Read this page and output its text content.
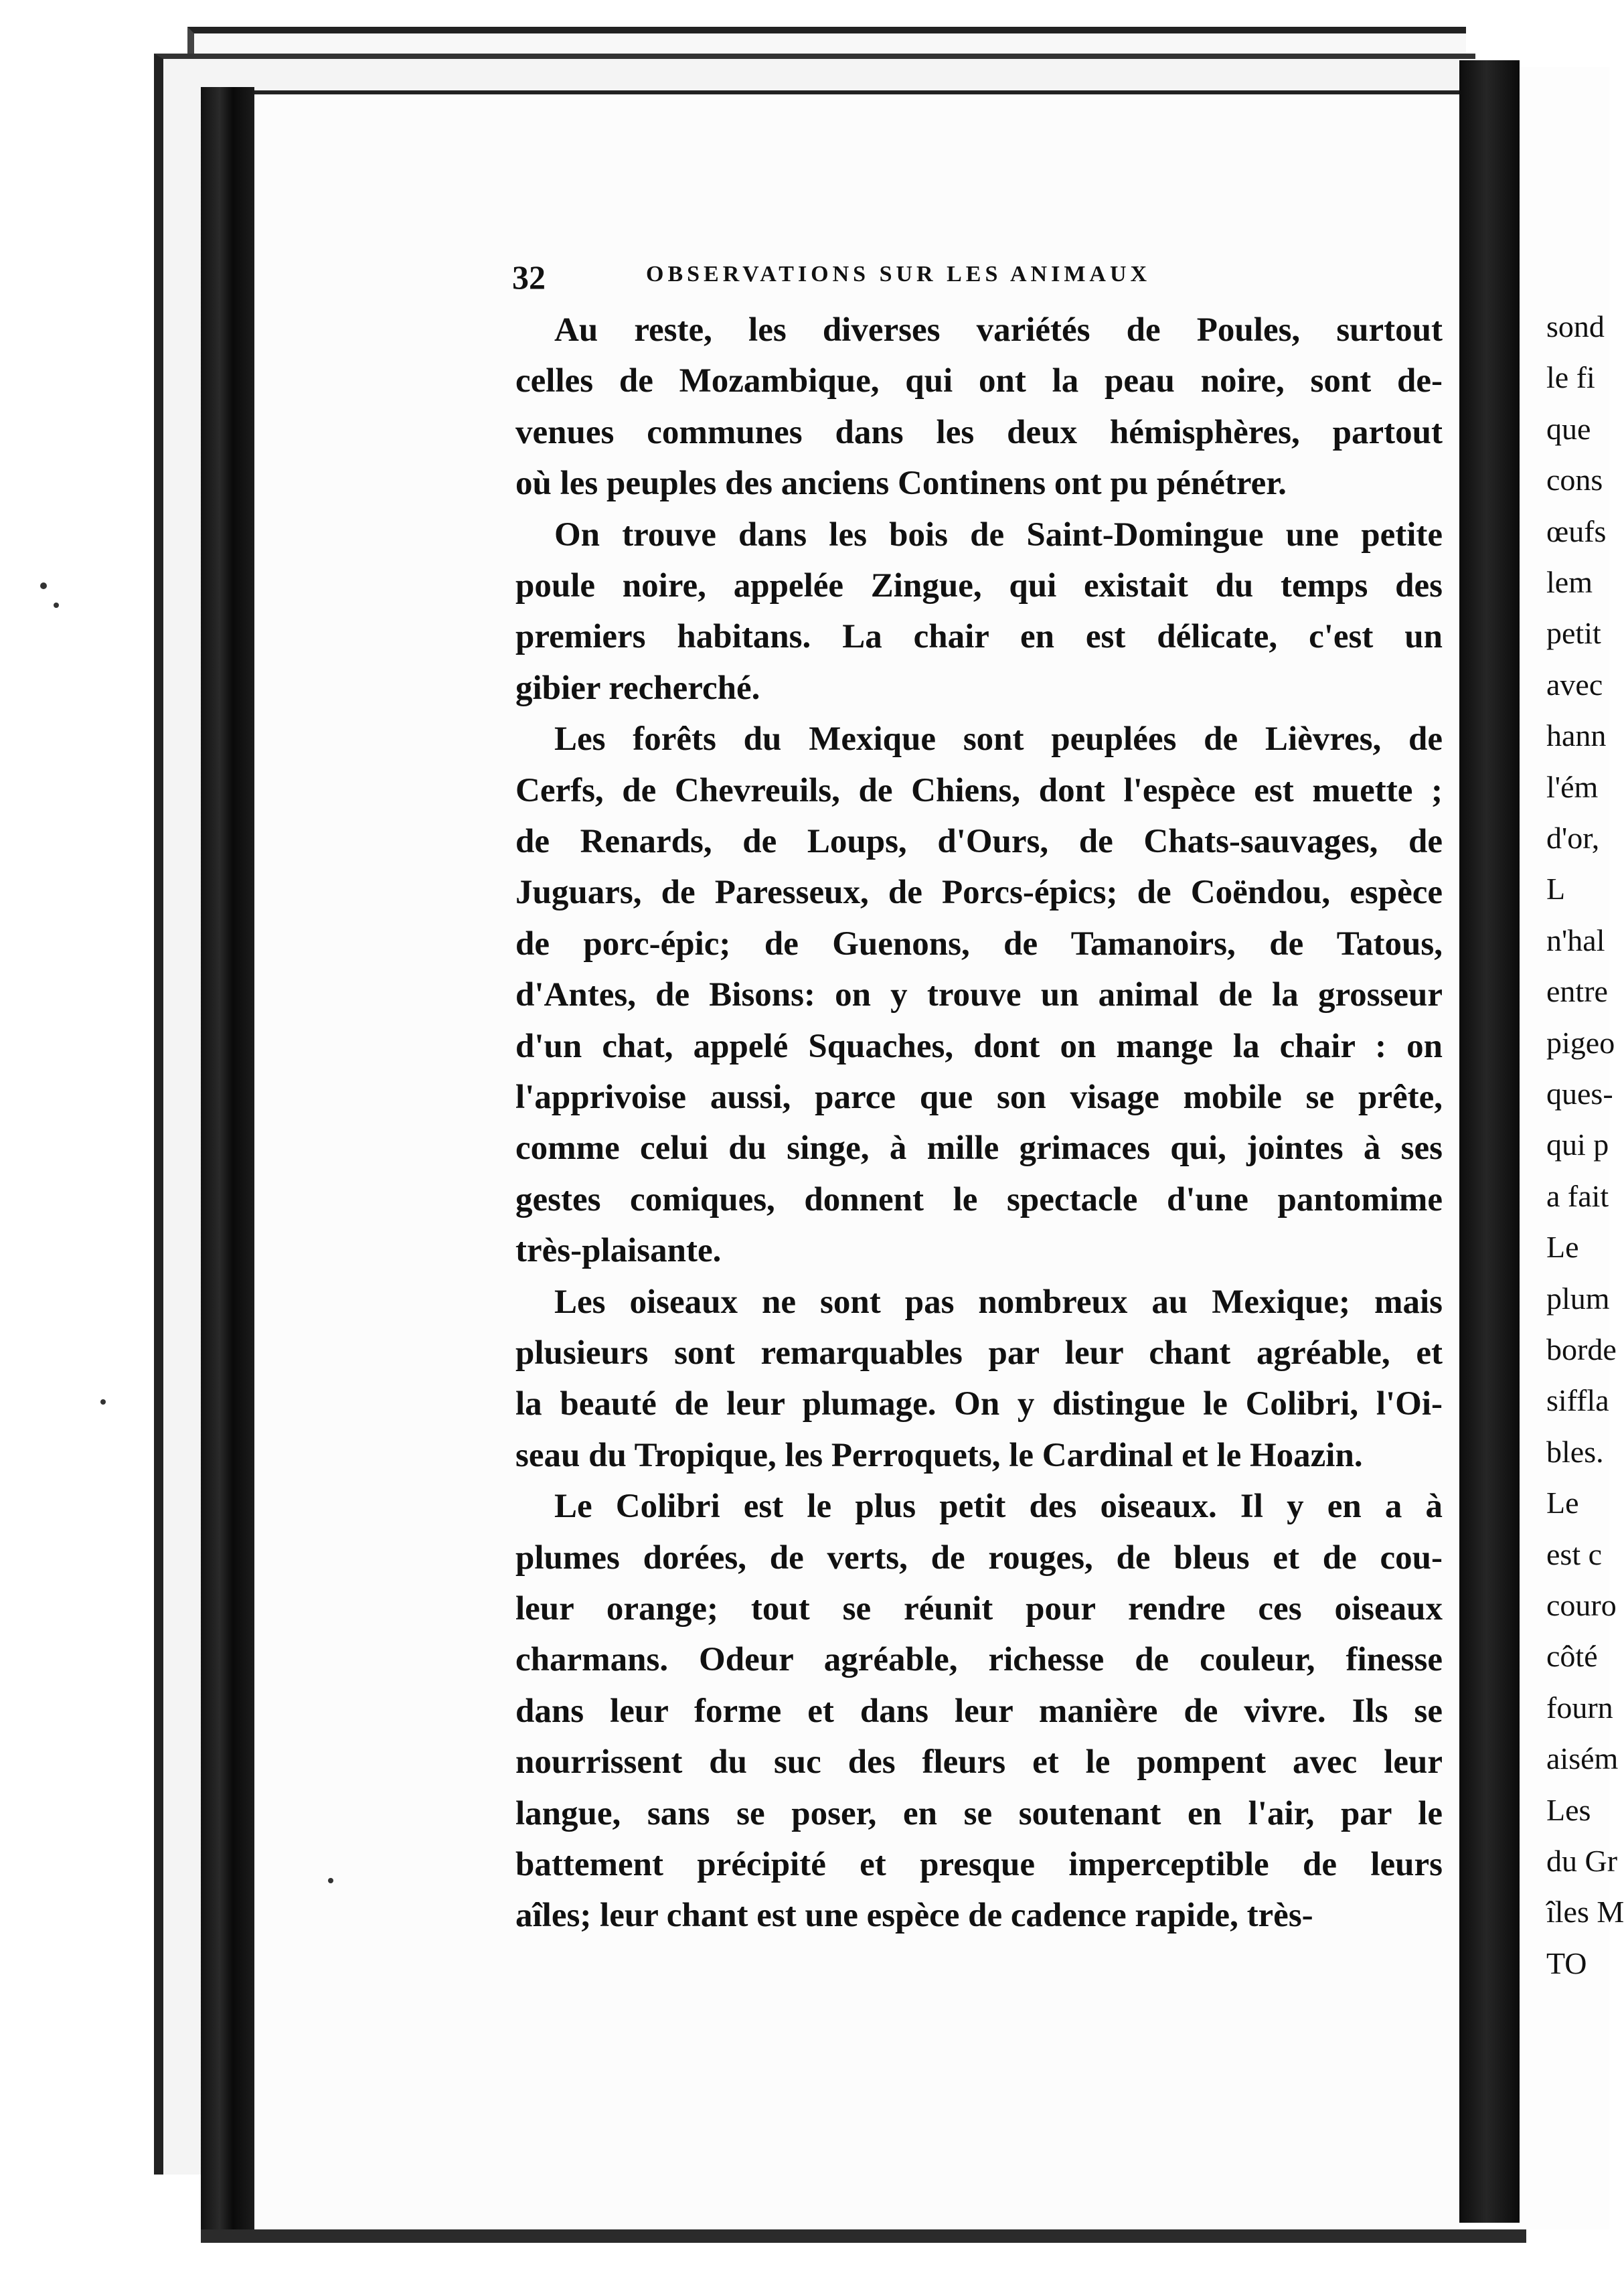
32	OBSERVATIONS SUR LES ANIMAUX
Au reste, les diverses variétés de Poules, surtout
celles de Mozambique, qui ont la peau noire, sont de-
venues communes dans les deux hémisphères, partout
où les peuples des anciens Continens ont pu pénétrer.
On trouve dans les bois de Saint-Domingue une petite
poule noire, appelée Zingue, qui existait du temps des
premiers habitans. La chair en est délicate, c'est un
gibier recherché.
Les forêts du Mexique sont peuplées de Lièvres, de
Cerfs, de Chevreuils, de Chiens, dont l'espèce est muette ;
de Renards, de Loups, d'Ours, de Chats-sauvages, de
Juguars, de Paresseux, de Porcs-épics; de Coëndou, espèce
de porc-épic; de Guenons, de Tamanoirs, de Tatous,
d'Antes, de Bisons: on y trouve un animal de la grosseur
d'un chat, appelé Squaches, dont on mange la chair : on
l'apprivoise aussi, parce que son visage mobile se prête,
comme celui du singe, à mille grimaces qui, jointes à ses
gestes comiques, donnent le spectacle d'une pantomime
très-plaisante.
Les oiseaux ne sont pas nombreux au Mexique; mais
plusieurs sont remarquables par leur chant agréable, et
la beauté de leur plumage. On y distingue le Colibri, l'Oi-
seau du Tropique, les Perroquets, le Cardinal et le Hoazin.
Le Colibri est le plus petit des oiseaux. Il y en a à
plumes dorées, de verts, de rouges, de bleus et de cou-
leur orange; tout se réunit pour rendre ces oiseaux
charmans. Odeur agréable, richesse de couleur, finesse
dans leur forme et dans leur manière de vivre. Ils se
nourrissent du suc des fleurs et le pompent avec leur
langue, sans se poser, en se soutenant en l'air, par le
battement précipité et presque imperceptible de leurs
aîles; leur chant est une espèce de cadence rapide, très-
sond
le fi
que
cons
œufs
lem
petit
avec
hann
l'ém
d'or,
L
n'hal
entre
pigeo
ques-
qui p
a fait
Le
plum
borde
siffla
bles.
Le
est c
couro
côté
fourn
aisém
Les
du Gr
îles M
TO
